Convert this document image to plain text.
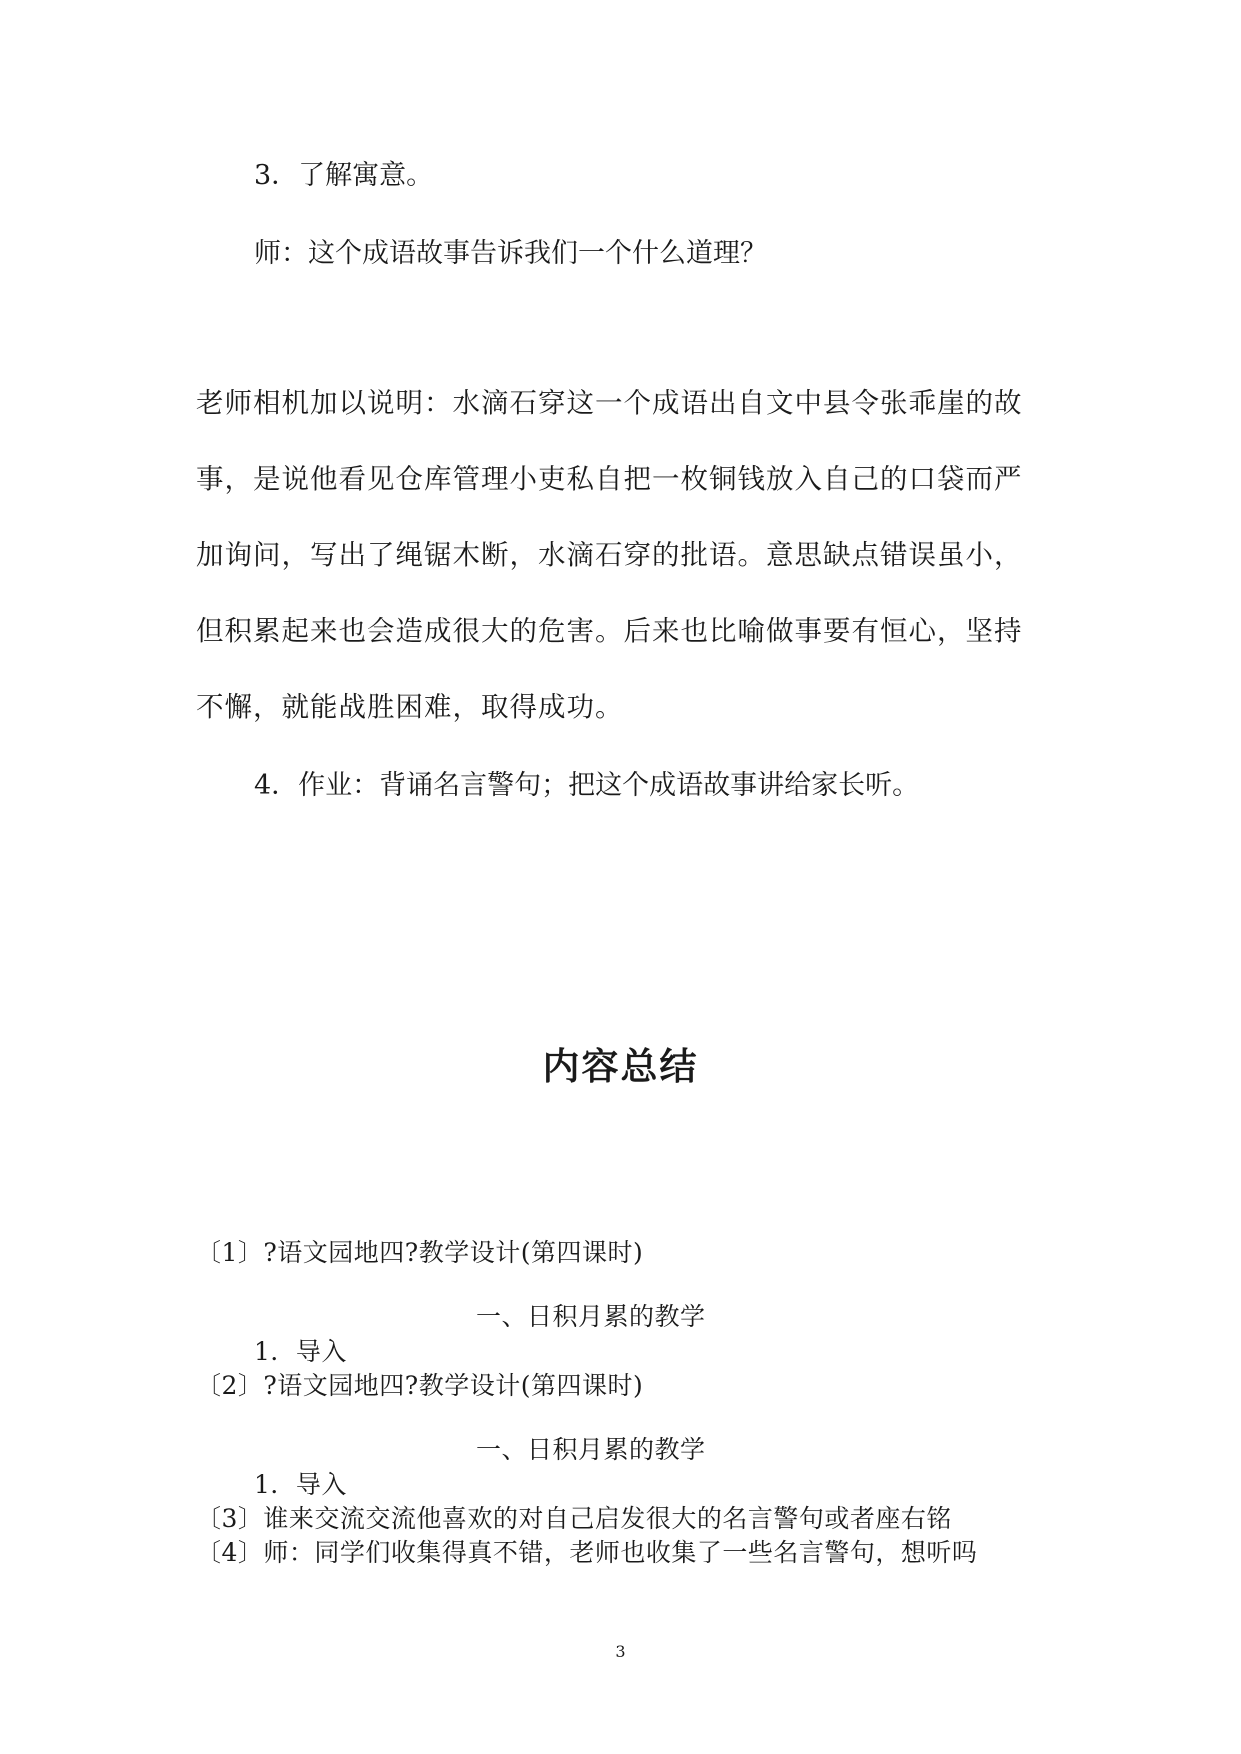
3．了解寓意。
师：这个成语故事告诉我们一个什么道理？
老师相机加以说明：水滴石穿这一个成语出自文中县令张乖崖的故
事，是说他看见仓库管理小吏私自把一枚铜钱放入自己的口袋而严
加询问，写出了绳锯木断，水滴石穿的批语。意思缺点错误虽小，
但积累起来也会造成很大的危害。后来也比喻做事要有恒心，坚持
不懈，就能战胜困难，取得成功。
4．作业：背诵名言警句；把这个成语故事讲给家长听。
内容总结
〔1〕?语文园地四?教学设计(第四课时)
一、日积月累的教学
1．导入
〔2〕?语文园地四?教学设计(第四课时)
一、日积月累的教学
1．导入
〔3〕谁来交流交流他喜欢的对自己启发很大的名言警句或者座右铭
〔4〕师：同学们收集得真不错，老师也收集了一些名言警句，想听吗
3
